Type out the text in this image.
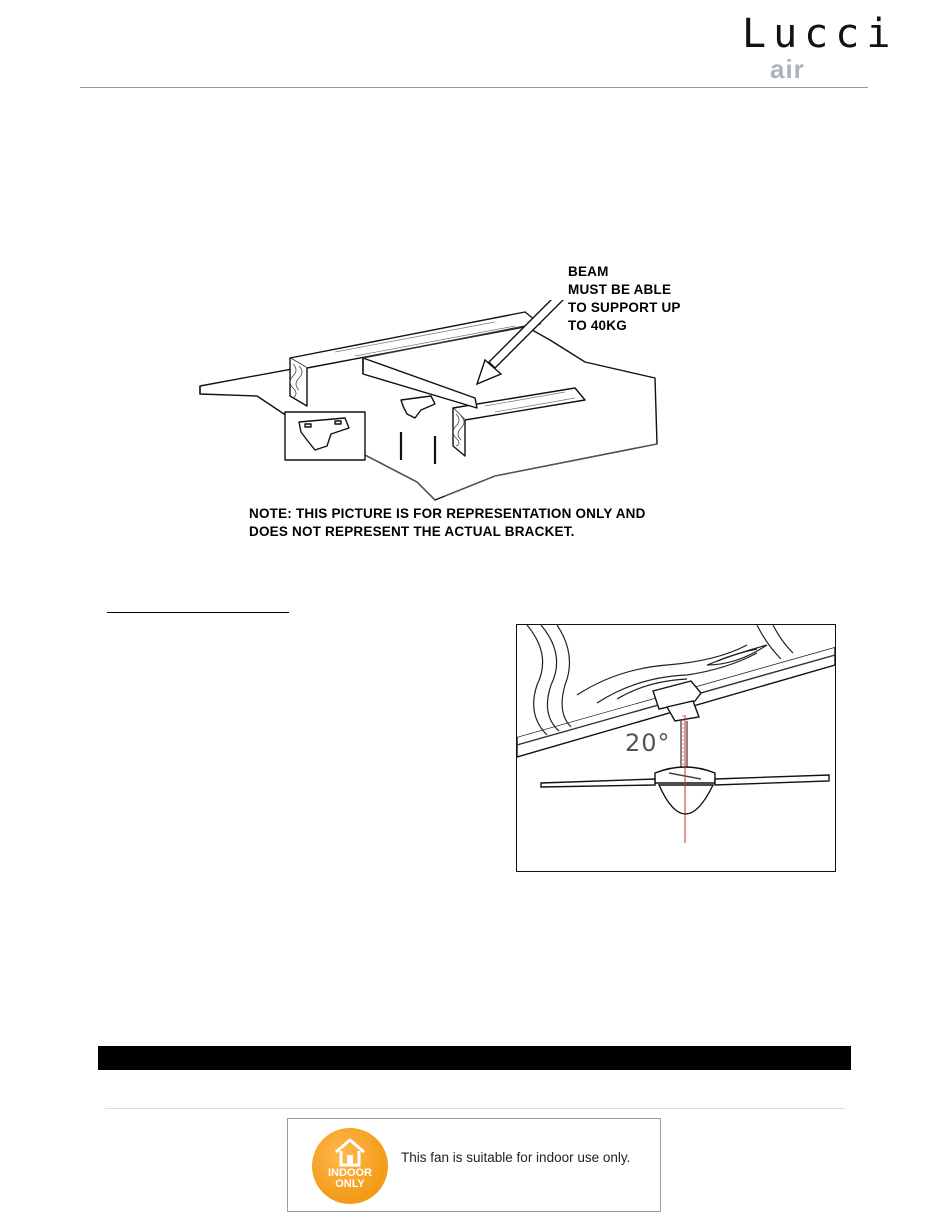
Lucci
air
BEAM
MUST BE ABLE
TO SUPPORT UP
TO 40KG
NOTE: THIS PICTURE IS FOR REPRESENTATION ONLY AND
DOES NOT REPRESENT THE ACTUAL BRACKET.
20°
INDOOR
ONLY
This fan is suitable for indoor use only.
